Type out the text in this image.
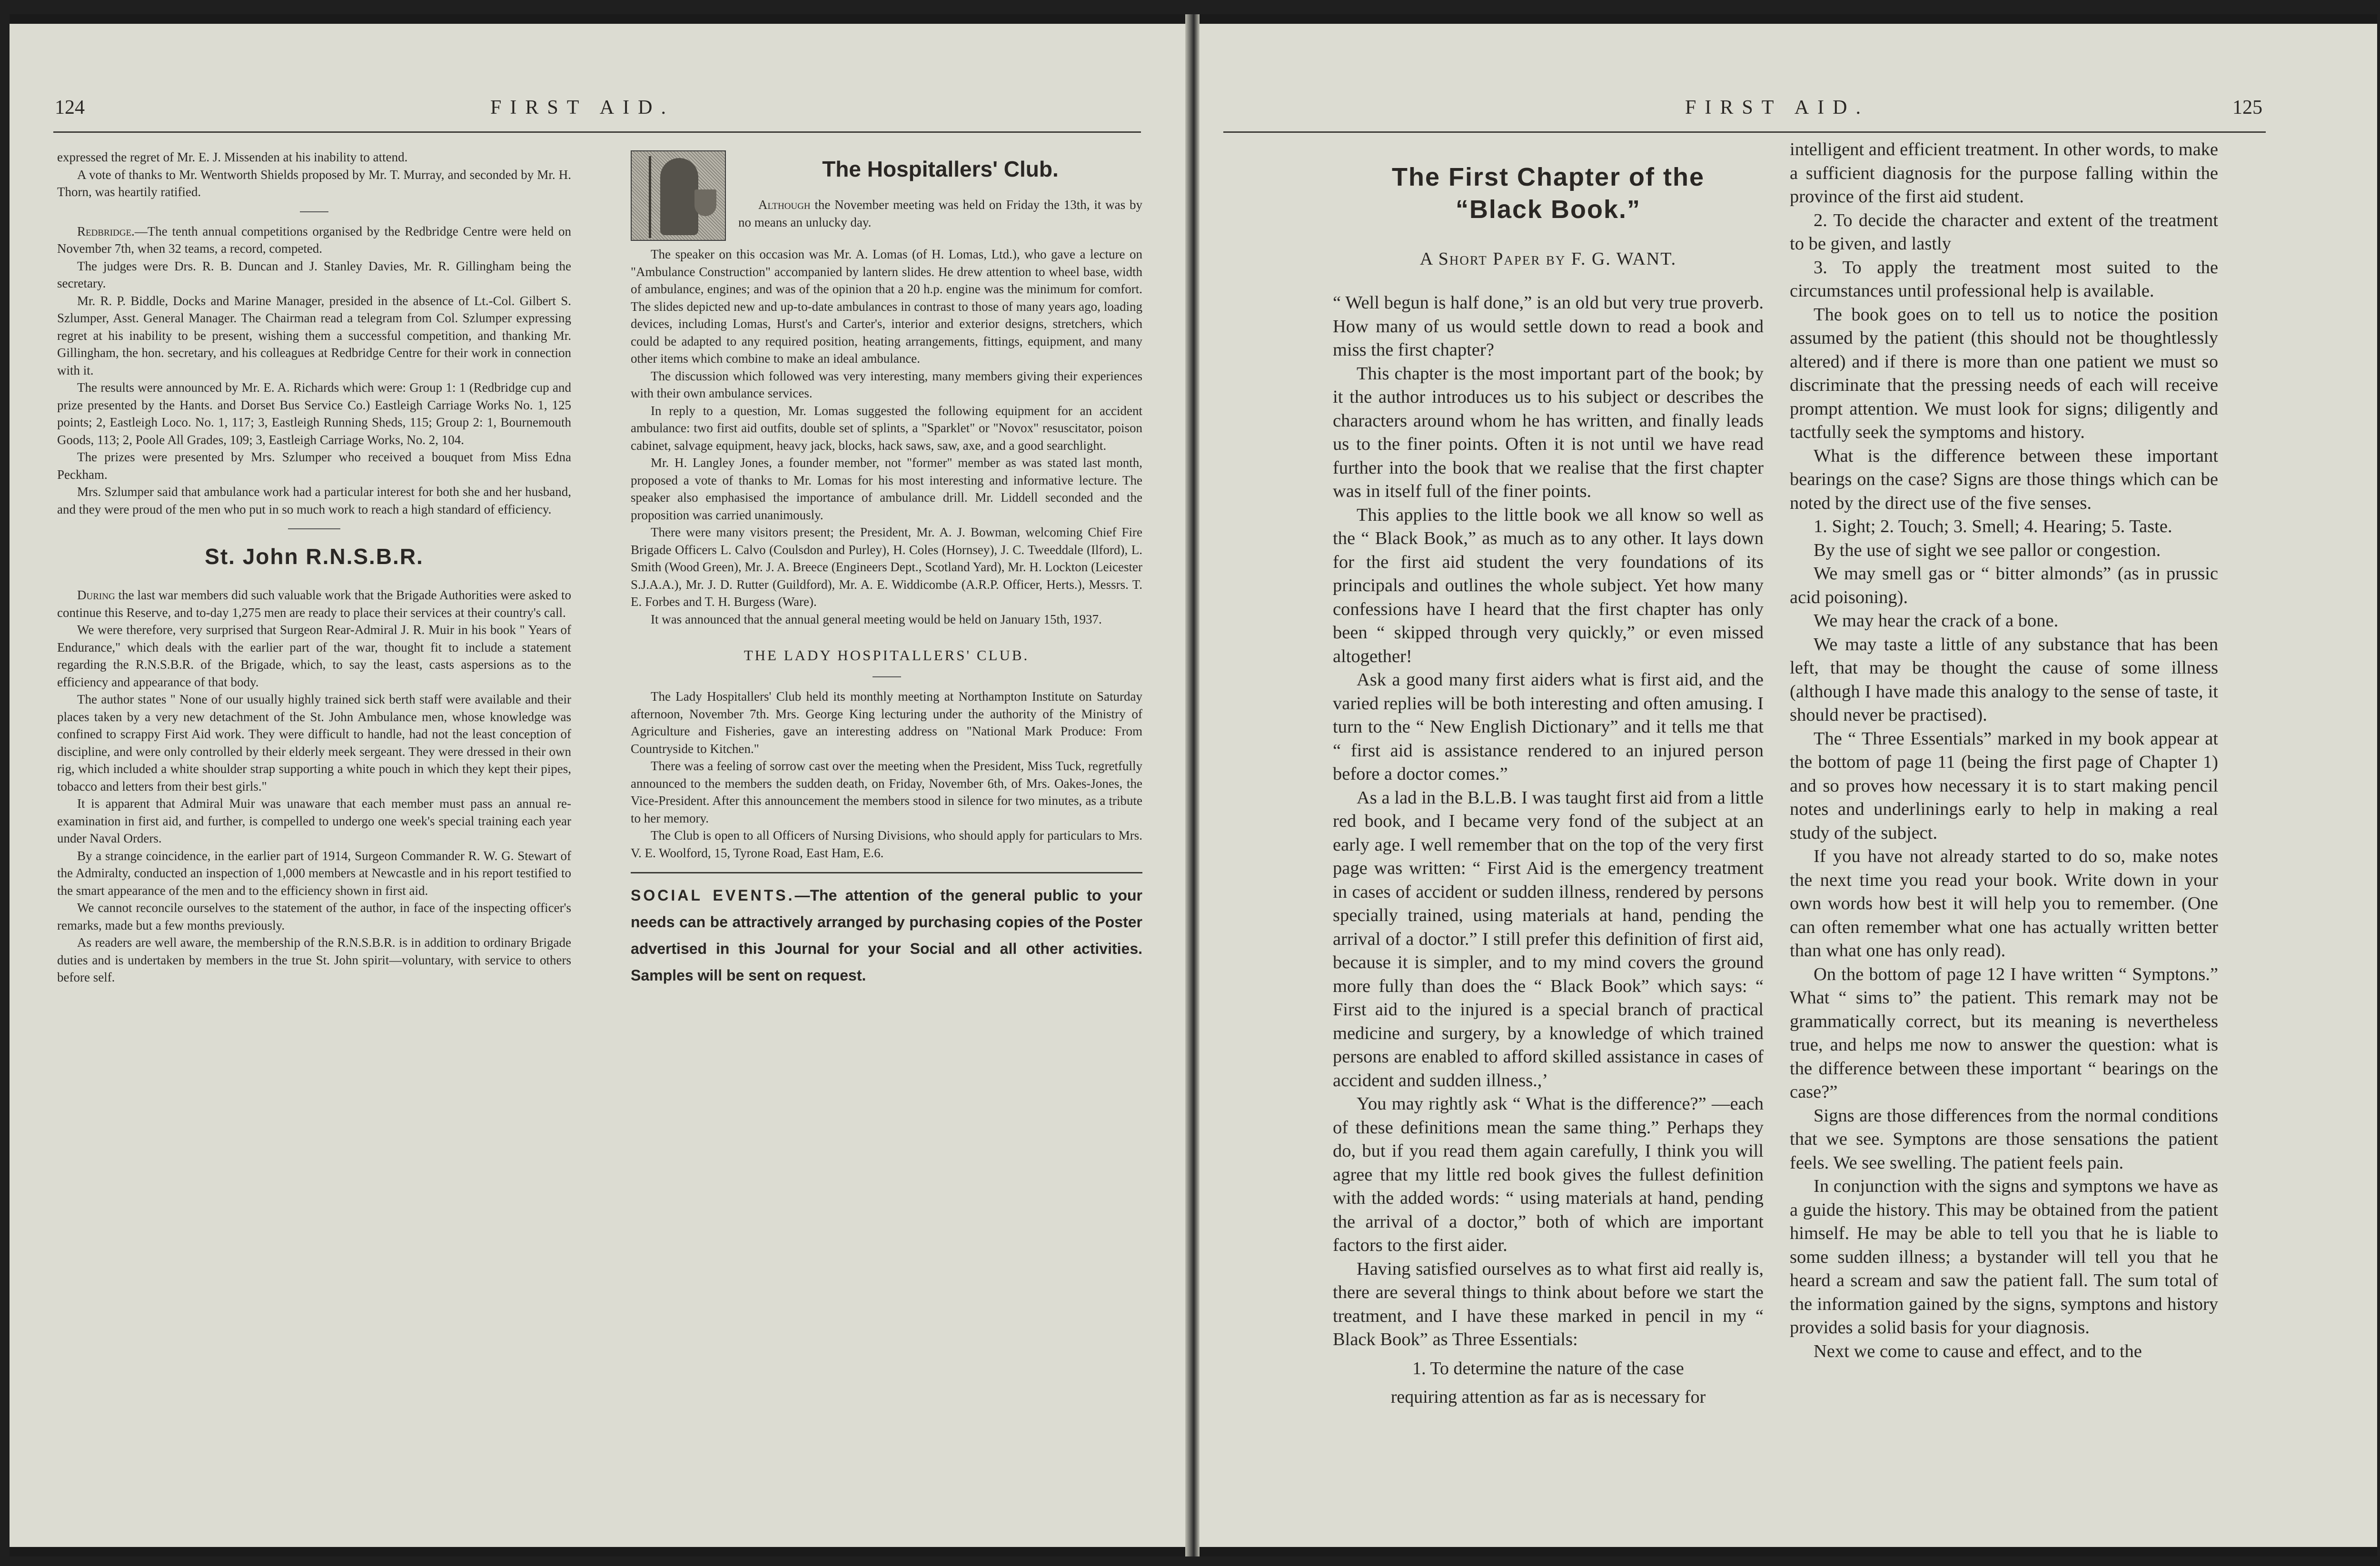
124	FIRST AID.

expressed the regret of Mr. E. J. Missenden at his inability to attend.

A vote of thanks to Mr. Wentworth Shields proposed by Mr. T. Murray, and seconded by Mr. H. Thorn, was heartily ratified.

Redbridge.—The tenth annual competitions organised by the Redbridge Centre were held on November 7th, when 32 teams, a record, competed.

The judges were Drs. R. B. Duncan and J. Stanley Davies, Mr. R. Gillingham being the secretary.

Mr. R. P. Biddle, Docks and Marine Manager, presided in the absence of Lt.-Col. Gilbert S. Szlumper, Asst. General Manager. The Chairman read a telegram from Col. Szlumper expressing regret at his inability to be present, wishing them a successful competition, and thanking Mr. Gillingham, the hon. secretary, and his colleagues at Redbridge Centre for their work in connection with it.

The results were announced by Mr. E. A. Richards which were: Group 1: 1 (Redbridge cup and prize presented by the Hants. and Dorset Bus Service Co.) Eastleigh Carriage Works No. 1, 125 points; 2, Eastleigh Loco. No. 1, 117; 3, Eastleigh Running Sheds, 115; Group 2: 1, Bournemouth Goods, 113; 2, Poole All Grades, 109; 3, Eastleigh Carriage Works, No. 2, 104.

The prizes were presented by Mrs. Szlumper who received a bouquet from Miss Edna Peckham.

Mrs. Szlumper said that ambulance work had a particular interest for both she and her husband, and they were proud of the men who put in so much work to reach a high standard of efficiency.

St. John R.N.S.B.R.

During the last war members did such valuable work that the Brigade Authorities were asked to continue this Reserve, and to-day 1,275 men are ready to place their services at their country's call.

We were therefore, very surprised that Surgeon Rear-Admiral J. R. Muir in his book " Years of Endurance," which deals with the earlier part of the war, thought fit to include a statement regarding the R.N.S.B.R. of the Brigade, which, to say the least, casts aspersions as to the efficiency and appearance of that body.

The author states " None of our usually highly trained sick berth staff were available and their places taken by a very new detachment of the St. John Ambulance men, whose knowledge was confined to scrappy First Aid work. They were difficult to handle, had not the least conception of discipline, and were only controlled by their elderly meek sergeant. They were dressed in their own rig, which included a white shoulder strap supporting a white pouch in which they kept their pipes, tobacco and letters from their best girls."

It is apparent that Admiral Muir was unaware that each member must pass an annual re-examination in first aid, and further, is compelled to undergo one week's special training each year under Naval Orders.

By a strange coincidence, in the earlier part of 1914, Surgeon Commander R. W. G. Stewart of the Admiralty, conducted an inspection of 1,000 members at Newcastle and in his report testified to the smart appearance of the men and to the efficiency shown in first aid.

We cannot reconcile ourselves to the statement of the author, in face of the inspecting officer's remarks, made but a few months previously.

As readers are well aware, the membership of the R.N.S.B.R. is in addition to ordinary Brigade duties and is undertaken by members in the true St. John spirit—voluntary, with service to others before self.

The Hospitallers' Club.

Although the November meeting was held on Friday the 13th, it was by no means an unlucky day.

The speaker on this occasion was Mr. A. Lomas (of H. Lomas, Ltd.), who gave a lecture on "Ambulance Construction" accompanied by lantern slides. He drew attention to wheel base, width of ambulance, engines; and was of the opinion that a 20 h.p. engine was the minimum for comfort. The slides depicted new and up-to-date ambulances in contrast to those of many years ago, loading devices, including Lomas, Hurst's and Carter's, interior and exterior designs, stretchers, which could be adapted to any required position, heating arrangements, fittings, equipment, and many other items which combine to make an ideal ambulance.

The discussion which followed was very interesting, many members giving their experiences with their own ambulance services.

In reply to a question, Mr. Lomas suggested the following equipment for an accident ambulance: two first aid outfits, double set of splints, a "Sparklet" or "Novox" resuscitator, poison cabinet, salvage equipment, heavy jack, blocks, hack saws, saw, axe, and a good searchlight.

Mr. H. Langley Jones, a founder member, not "former" member as was stated last month, proposed a vote of thanks to Mr. Lomas for his most interesting and informative lecture. The speaker also emphasised the importance of ambulance drill. Mr. Liddell seconded and the proposition was carried unanimously.

There were many visitors present; the President, Mr. A. J. Bowman, welcoming Chief Fire Brigade Officers L. Calvo (Coulsdon and Purley), H. Coles (Hornsey), J. C. Tweeddale (Ilford), L. Smith (Wood Green), Mr. J. A. Breece (Engineers Dept., Scotland Yard), Mr. H. Lockton (Leicester S.J.A.A.), Mr. J. D. Rutter (Guildford), Mr. A. E. Widdicombe (A.R.P. Officer, Herts.), Messrs. T. E. Forbes and T. H. Burgess (Ware).

It was announced that the annual general meeting would be held on January 15th, 1937.

THE LADY HOSPITALLERS' CLUB.

The Lady Hospitallers' Club held its monthly meeting at Northampton Institute on Saturday afternoon, November 7th. Mrs. George King lecturing under the authority of the Ministry of Agriculture and Fisheries, gave an interesting address on "National Mark Produce: From Countryside to Kitchen."

There was a feeling of sorrow cast over the meeting when the President, Miss Tuck, regretfully announced to the members the sudden death, on Friday, November 6th, of Mrs. Oakes-Jones, the Vice-President. After this announcement the members stood in silence for two minutes, as a tribute to her memory.

The Club is open to all Officers of Nursing Divisions, who should apply for particulars to Mrs. V. E. Woolford, 15, Tyrone Road, East Ham, E.6.

SOCIAL EVENTS.—The attention of the general public to your needs can be attractively arranged by purchasing copies of the Poster advertised in this Journal for your Social and all other activities. Samples will be sent on request.
FIRST AID.	125
The First Chapter of the
“Black Book.”
A Short Paper by F. G. WANT.

“ Well begun is half done,” is an old but very true proverb. How many of us would settle down to read a book and miss the first chapter?

This chapter is the most important part of the book; by it the author introduces us to his subject or describes the characters around whom he has written, and finally leads us to the finer points. Often it is not until we have read further into the book that we realise that the first chapter was in itself full of the finer points.

This applies to the little book we all know so well as the “ Black Book,” as much as to any other. It lays down for the first aid student the very foundations of its principals and outlines the whole subject. Yet how many confessions have I heard that the first chapter has only been “ skipped through very quickly,” or even missed altogether!

Ask a good many first aiders what is first aid, and the varied replies will be both interesting and often amusing. I turn to the “ New English Dictionary” and it tells me that “ first aid is assistance rendered to an injured person before a doctor comes.”

As a lad in the B.L.B. I was taught first aid from a little red book, and I became very fond of the subject at an early age. I well remember that on the top of the very first page was written: “ First Aid is the emergency treatment in cases of accident or sudden illness, rendered by persons specially trained, using materials at hand, pending the arrival of a doctor.” I still prefer this definition of first aid, because it is simpler, and to my mind covers the ground more fully than does the “ Black Book” which says: “ First aid to the injured is a special branch of practical medicine and surgery, by a knowledge of which trained persons are enabled to afford skilled assistance in cases of accident and sudden illness.,’

You may rightly ask “ What is the difference?” —each of these definitions mean the same thing.” Perhaps they do, but if you read them again carefully, I think you will agree that my little red book gives the fullest definition with the added words: “ using materials at hand, pending the arrival of a doctor,” both of which are important factors to the first aider.

Having satisfied ourselves as to what first aid really is, there are several things to think about before we start the treatment, and I have these marked in pencil in my “ Black Book” as Three Essentials:

1. To determine the nature of the case
requiring attention as far as is necessary for

intelligent and efficient treatment. In other words, to make a sufficient diagnosis for the purpose falling within the province of the first aid student.

2. To decide the character and extent of the treatment to be given, and lastly

3. To apply the treatment most suited to the circumstances until professional help is available.

The book goes on to tell us to notice the position assumed by the patient (this should not be thoughtlessly altered) and if there is more than one patient we must so discriminate that the pressing needs of each will receive prompt attention. We must look for signs; diligently and tactfully seek the symptoms and history.

What is the difference between these important bearings on the case? Signs are those things which can be noted by the direct use of the five senses.

1. Sight; 2. Touch; 3. Smell; 4. Hearing; 5. Taste.

By the use of sight we see pallor or congestion.

We may smell gas or “ bitter almonds” (as in prussic acid poisoning).

We may hear the crack of a bone.

We may taste a little of any substance that has been left, that may be thought the cause of some illness (although I have made this analogy to the sense of taste, it should never be practised).

The “ Three Essentials” marked in my book appear at the bottom of page 11 (being the first page of Chapter 1) and so proves how necessary it is to start making pencil notes and underlinings early to help in making a real study of the subject.

If you have not already started to do so, make notes the next time you read your book. Write down in your own words how best it will help you to remember. (One can often remember what one has actually written better than what one has only read).

On the bottom of page 12 I have written “ Symptons.” What “ sims to” the patient. This remark may not be grammatically correct, but its meaning is nevertheless true, and helps me now to answer the question: what is the difference between these important “ bearings on the case?”

Signs are those differences from the normal conditions that we see. Symptons are those sensations the patient feels. We see swelling. The patient feels pain.

In conjunction with the signs and symptons we have as a guide the history. This may be obtained from the patient himself. He may be able to tell you that he is liable to some sudden illness; a bystander will tell you that he heard a scream and saw the patient fall. The sum total of the information gained by the signs, symptons and history provides a solid basis for your diagnosis.

Next we come to cause and effect, and to the
